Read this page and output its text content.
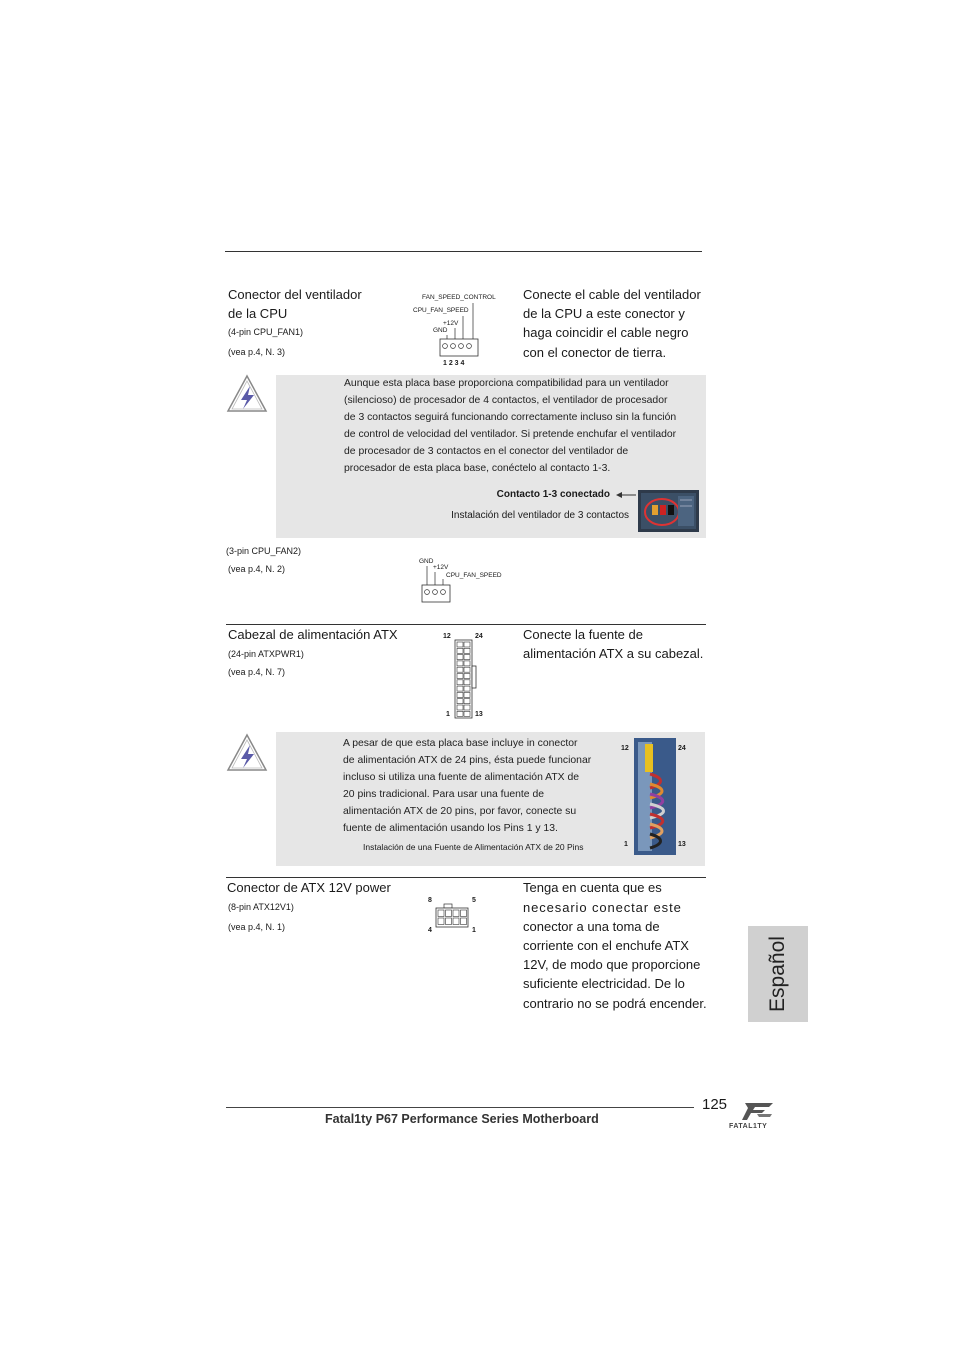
Conector del ventilador
de la CPU
(4-pin CPU_FAN1)
(vea p.4, N. 3)
FAN_SPEED_CONTROL
CPU_FAN_SPEED
+12V
GND
1 2 3 4
Conecte el cable del ventilador
de la CPU a este conector y
haga coincidir el cable negro
con el conector de tierra.
Aunque esta placa base proporciona compatibilidad para un ventilador
(silencioso) de procesador de 4 contactos, el ventilador de procesador
de 3 contactos seguirá funcionando correctamente incluso sin la función
de control de velocidad del ventilador. Si pretende enchufar el ventilador
de procesador de 3 contactos en el conector del ventilador de
procesador de esta placa base, conéctelo al contacto 1-3.
Contacto 1-3 conectado
Instalación del ventilador de 3 contactos
(3-pin CPU_FAN2)
(vea p.4, N. 2)
GND
+12V
CPU_FAN_SPEED
Cabezal de alimentación ATX
(24-pin ATXPWR1)
(vea p.4, N. 7)
12	24
1	13
Conecte la fuente de
alimentación ATX a su cabezal.
A pesar de que esta placa base incluye in conector
de alimentación ATX de 24 pins, ésta puede funcionar
incluso si utiliza una fuente de alimentación ATX de
20 pins tradicional. Para usar una fuente de
alimentación ATX de 20 pins, por favor, conecte su
fuente de alimentación usando los Pins 1 y 13.
Instalación de una Fuente de Alimentación ATX de 20 Pins
12	24
1	13
Conector de ATX 12V power
(8-pin ATX12V1)
(vea p.4, N. 1)
8	5
4	1
Tenga en cuenta que es
necesario conectar este
conector a una toma de
corriente con el enchufe ATX
12V, de modo que proporcione
suficiente electricidad. De lo
contrario no se podrá encender.	Español
125
Fatal1ty P67 Performance Series Motherboard
FATAL1TY
